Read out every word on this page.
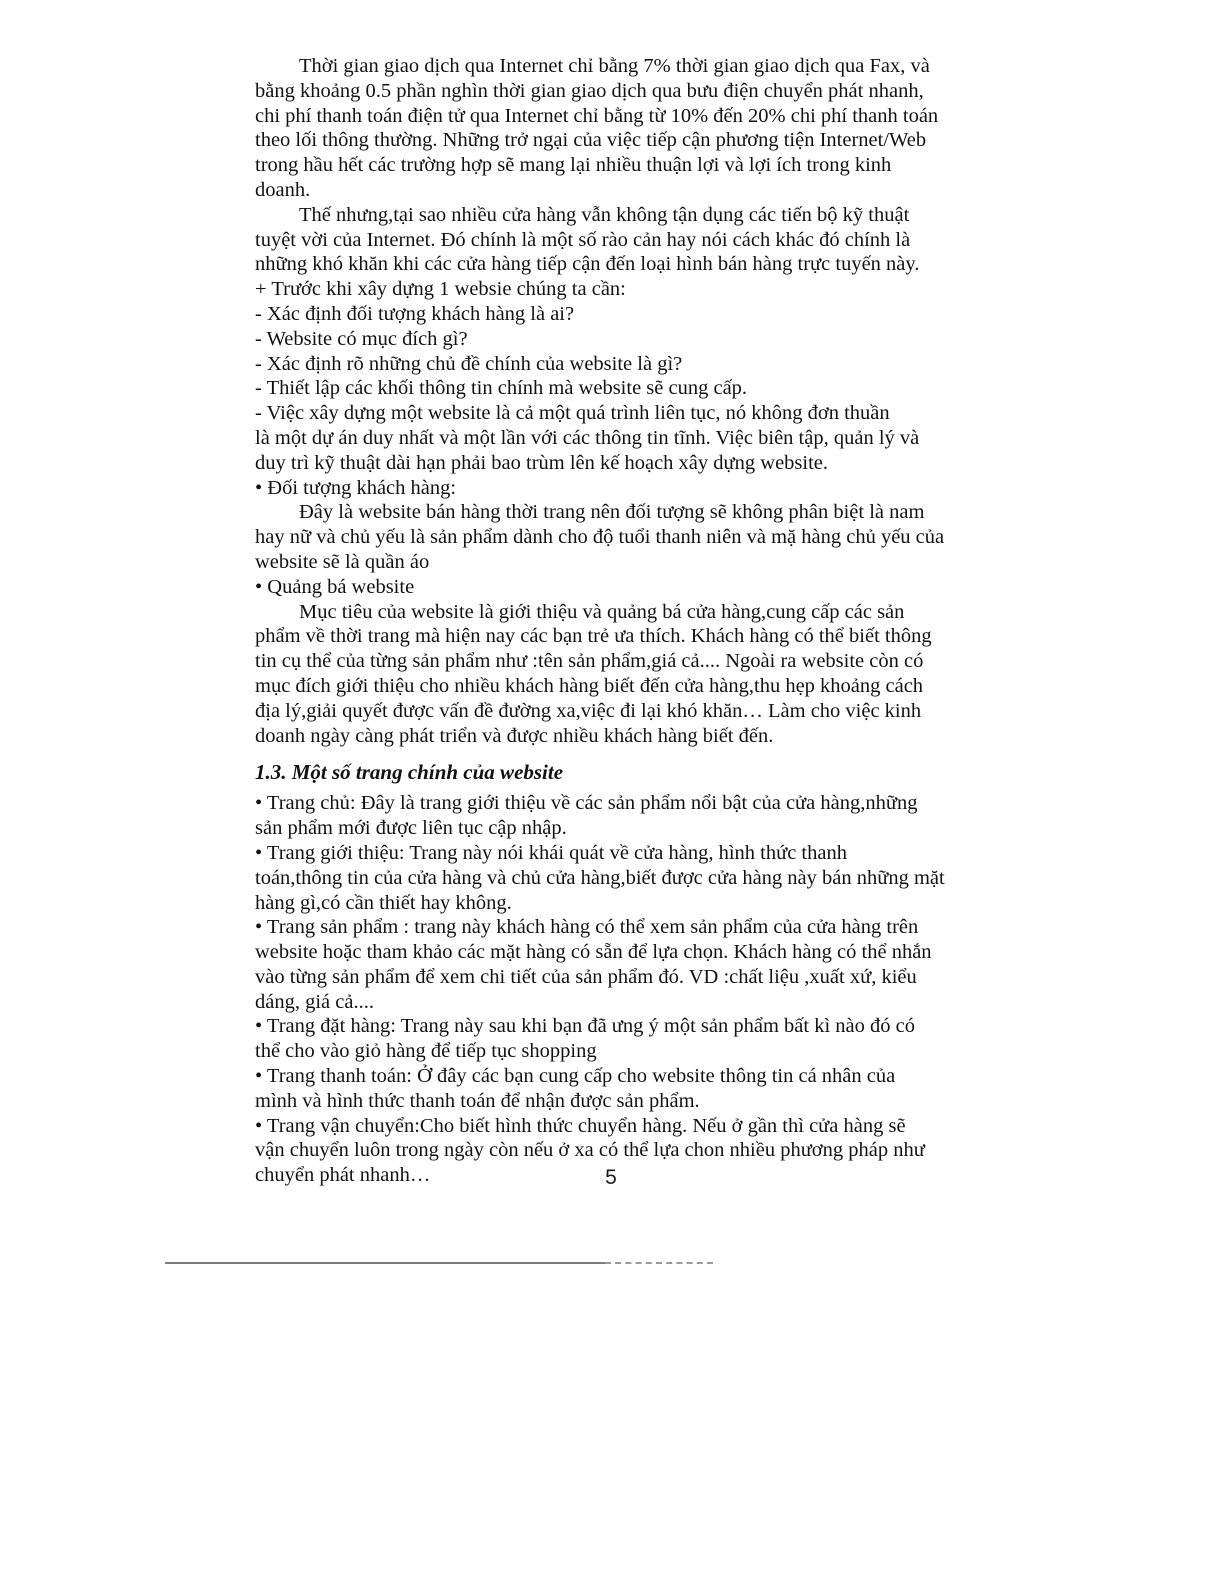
Thời gian giao dịch qua Internet chỉ bằng 7% thời gian giao dịch qua Fax, và
bằng khoảng 0.5 phần nghìn thời gian giao dịch qua bưu điện chuyển phát nhanh,
chi phí thanh toán điện tử qua Internet chỉ bằng từ 10% đến 20% chi phí thanh toán
theo lối thông thường. Những trở ngại của việc tiếp cận phương tiện Internet/Web
trong hầu hết các trường hợp sẽ mang lại nhiều thuận lợi và lợi ích trong kinh
doanh.
Thế nhưng,tại sao nhiều cửa hàng vẫn không tận dụng các tiến bộ kỹ thuật
tuyệt vời của Internet. Đó chính là một số rào cản hay nói cách khác đó chính là
những khó khăn khi các cửa hàng tiếp cận đến loại hình bán hàng trực tuyến này.
+ Trước khi xây dựng 1 websie chúng ta cần:
- Xác định đối tượng khách hàng là ai?
- Website có mục đích gì?
- Xác định rõ những chủ đề chính của website là gì?
- Thiết lập các khối thông tin chính mà website sẽ cung cấp.
- Việc xây dựng một website là cả một quá trình liên tục, nó không đơn thuần
là một dự án duy nhất và một lần với các thông tin tĩnh. Việc biên tập, quản lý và
duy trì kỹ thuật dài hạn phải bao trùm lên kế hoạch xây dựng website.
• Đối tượng khách hàng:
Đây là website bán hàng thời trang nên đối tượng sẽ không phân biệt là nam
hay nữ và chủ yếu là sản phẩm dành cho độ tuổi thanh niên và mặ hàng chủ yếu của
website sẽ là quần áo
• Quảng bá website
Mục tiêu của website là giới thiệu và quảng bá cửa hàng,cung cấp các sản
phẩm về thời trang mà hiện nay các bạn trẻ ưa thích. Khách hàng có thể biết thông
tin cụ thể của từng sản phẩm như :tên sản phẩm,giá cả.... Ngoài ra website còn có
mục đích giới thiệu cho nhiều khách hàng biết đến cửa hàng,thu hẹp khoảng cách
địa lý,giải quyết được vấn đề đường xa,việc đi lại khó khăn… Làm cho việc kinh
doanh ngày càng phát triển và được nhiều khách hàng biết đến.
1.3. Một số trang chính của website
• Trang chủ: Đây là trang giới thiệu về các sản phẩm nổi bật của cửa hàng,những
sản phẩm mới được liên tục cập nhập.
• Trang giới thiệu: Trang này nói khái quát về cửa hàng, hình thức thanh
toán,thông tin của cửa hàng và chủ cửa hàng,biết được cửa hàng này bán những mặt
hàng gì,có cần thiết hay không.
• Trang sản phẩm : trang này khách hàng có thể xem sản phẩm của cửa hàng trên
website hoặc tham khảo các mặt hàng có sẵn để lựa chọn. Khách hàng có thể nhắn
vào từng sản phẩm để xem chi tiết của sản phẩm đó. VD :chất liệu ,xuất xứ, kiểu
dáng, giá cả....
• Trang đặt hàng: Trang này sau khi bạn đã ưng ý một sản phẩm bất kì nào đó có
thể cho vào giỏ hàng để tiếp tục shopping
• Trang thanh toán: Ở đây các bạn cung cấp cho website thông tin cá nhân của
mình và hình thức thanh toán để nhận được sản phẩm.
• Trang vận chuyển:Cho biết hình thức chuyển hàng. Nếu ở gần thì cửa hàng sẽ
vận chuyển luôn trong ngày còn nếu ở xa có thể lựa chon nhiều phương pháp như
chuyển phát nhanh…	5
